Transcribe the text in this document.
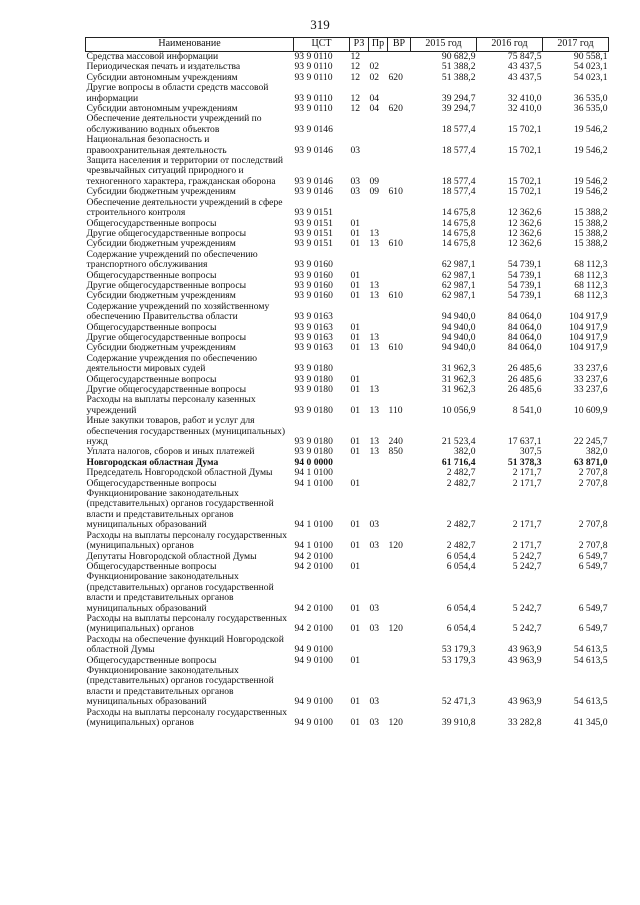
319
Наименование	ЦСТ	РЗ	Пр	ВР	2015 год	2016 год	2017 год
Средства массовой информации	93 9 0110	12			90 682,9	75 847,5	90 558,1
Периодическая печать и издательства	93 9 0110	12	02		51 388,2	43 437,5	54 023,1
Субсидии автономным учреждениям	93 9 0110	12	02	620	51 388,2	43 437,5	54 023,1
Другие вопросы в области средств массовой информации	93 9 0110	12	04		39 294,7	32 410,0	36 535,0
Субсидии автономным учреждениям	93 9 0110	12	04	620	39 294,7	32 410,0	36 535,0
Обеспечение деятельности учреждений по обслуживанию водных объектов	93 9 0146				18 577,4	15 702,1	19 546,2
Национальная безопасность и правоохранительная деятельность	93 9 0146	03			18 577,4	15 702,1	19 546,2
Защита населения и территории от последствий чрезвычайных ситуаций природного и техногенного характера, гражданская оборона	93 9 0146	03	09		18 577,4	15 702,1	19 546,2
Субсидии бюджетным учреждениям	93 9 0146	03	09	610	18 577,4	15 702,1	19 546,2
Обеспечение деятельности учреждений в сфере строительного контроля	93 9 0151				14 675,8	12 362,6	15 388,2
Общегосударственные вопросы	93 9 0151	01			14 675,8	12 362,6	15 388,2
Другие общегосударственные вопросы	93 9 0151	01	13		14 675,8	12 362,6	15 388,2
Субсидии бюджетным учреждениям	93 9 0151	01	13	610	14 675,8	12 362,6	15 388,2
Содержание учреждений по обеспечению транспортного обслуживания	93 9 0160				62 987,1	54 739,1	68 112,3
Общегосударственные вопросы	93 9 0160	01			62 987,1	54 739,1	68 112,3
Другие общегосударственные вопросы	93 9 0160	01	13		62 987,1	54 739,1	68 112,3
Субсидии бюджетным учреждениям	93 9 0160	01	13	610	62 987,1	54 739,1	68 112,3
Содержание учреждений по хозяйственному обеспечению Правительства области	93 9 0163				94 940,0	84 064,0	104 917,9
Общегосударственные вопросы	93 9 0163	01			94 940,0	84 064,0	104 917,9
Другие общегосударственные вопросы	93 9 0163	01	13		94 940,0	84 064,0	104 917,9
Субсидии бюджетным учреждениям	93 9 0163	01	13	610	94 940,0	84 064,0	104 917,9
Содержание учреждения по обеспечению деятельности мировых судей	93 9 0180				31 962,3	26 485,6	33 237,6
Общегосударственные вопросы	93 9 0180	01			31 962,3	26 485,6	33 237,6
Другие общегосударственные вопросы	93 9 0180	01	13		31 962,3	26 485,6	33 237,6
Расходы на выплаты персоналу казенных учреждений	93 9 0180	01	13	110	10 056,9	8 541,0	10 609,9
Иные закупки товаров, работ и услуг для обеспечения государственных (муниципальных) нужд	93 9 0180	01	13	240	21 523,4	17 637,1	22 245,7
Уплата налогов, сборов и иных платежей	93 9 0180	01	13	850	382,0	307,5	382,0
Новгородская областная Дума	94 0 0000				61 716,4	51 378,3	63 871,0
Председатель Новгородской областной Думы	94 1 0100				2 482,7	2 171,7	2 707,8
Общегосударственные вопросы	94 1 0100	01			2 482,7	2 171,7	2 707,8
Функционирование законодательных (представительных) органов государственной власти и представительных органов муниципальных образований	94 1 0100	01	03		2 482,7	2 171,7	2 707,8
Расходы на выплаты персоналу государственных (муниципальных) органов	94 1 0100	01	03	120	2 482,7	2 171,7	2 707,8
Депутаты Новгородской областной Думы	94 2 0100				6 054,4	5 242,7	6 549,7
Общегосударственные вопросы	94 2 0100	01			6 054,4	5 242,7	6 549,7
Функционирование законодательных (представительных) органов государственной власти и представительных органов муниципальных образований	94 2 0100	01	03		6 054,4	5 242,7	6 549,7
Расходы на выплаты персоналу государственных (муниципальных) органов	94 2 0100	01	03	120	6 054,4	5 242,7	6 549,7
Расходы на обеспечение функций Новгородской областной Думы	94 9 0100				53 179,3	43 963,9	54 613,5
Общегосударственные вопросы	94 9 0100	01			53 179,3	43 963,9	54 613,5
Функционирование законодательных (представительных) органов государственной власти и представительных органов муниципальных образований	94 9 0100	01	03		52 471,3	43 963,9	54 613,5
Расходы на выплаты персоналу государственных (муниципальных) органов	94 9 0100	01	03	120	39 910,8	33 282,8	41 345,0
